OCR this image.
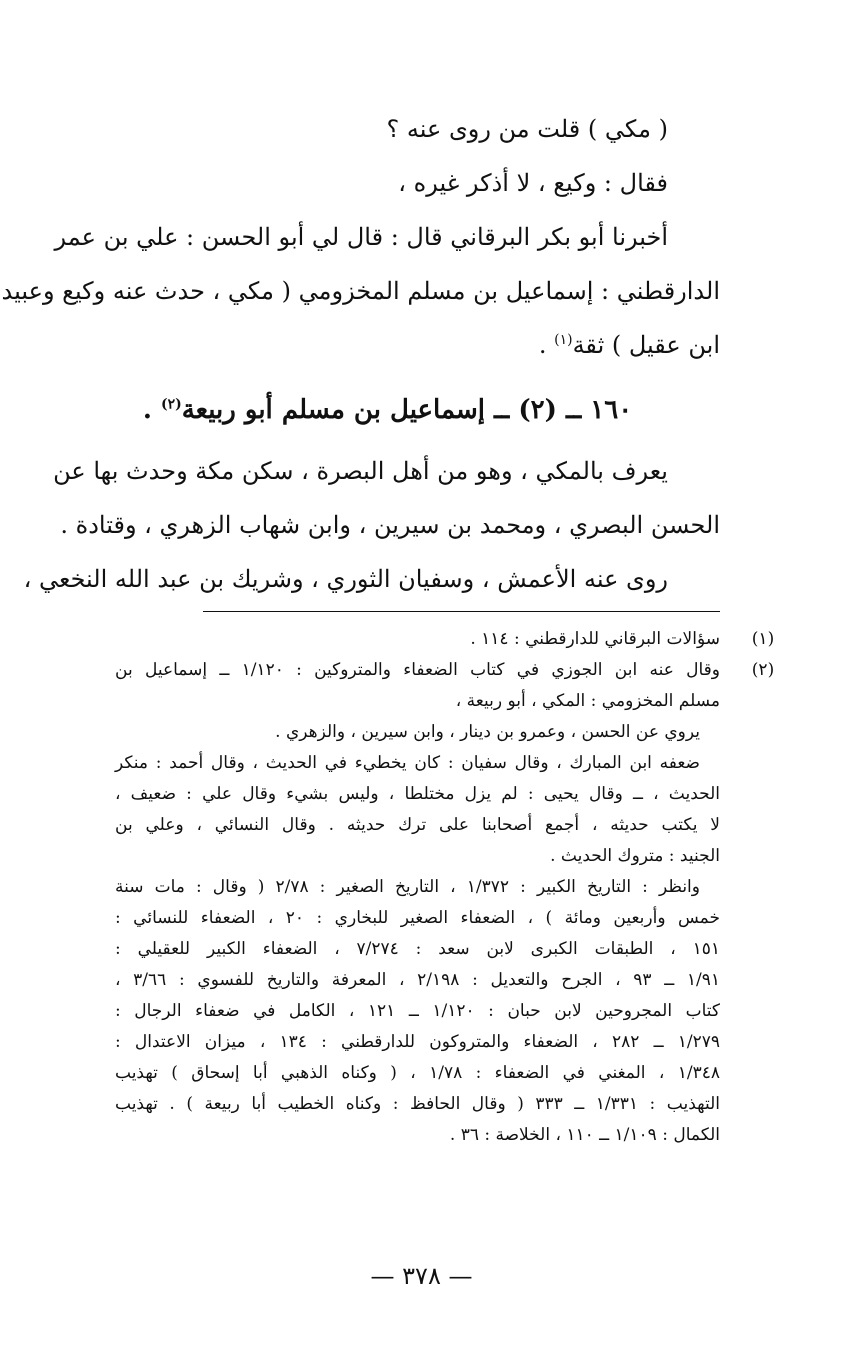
( مكي ) قلت من روى عنه ؟
فقال : وكيع ، لا أذكر غيره ،
أخبرنا أبو بكر البرقاني قال : قال لي أبو الحسن : علي بن عمر
الدارقطني : إسماعيل بن مسلم المخزومي ( مكي ، حدث عنه وكيع وعبيد
ابن عقيل ) ثقة$^{(١)}$ .
١٦٠ ــ (٢) ــ إسماعيل بن مسلم أبو ربيعة$^{(٢)}$ .
يعرف بالمكي ، وهو من أهل البصرة ، سكن مكة وحدث بها عن
الحسن البصري ، ومحمد بن سيرين ، وابن شهاب الزهري ، وقتادة .
روى عنه الأعمش ، وسفيان الثوري ، وشريك بن عبد الله النخعي ،
(١)
سؤالات البرقاني للدارقطني : ١١٤ .
(٢)
وقال عنه ابن الجوزي في كتاب الضعفاء والمتروكين : ١/١٢٠ ــ إسماعيل بن
مسلم المخزومي : المكي ، أبو ربيعة ،
يروي عن الحسن ، وعمرو بن دينار ، وابن سيرين ، والزهري .
ضعفه ابن المبارك ، وقال سفيان : كان يخطيء في الحديث ، وقال أحمد : منكر
الحديث ، ــ وقال يحيى : لم يزل مختلطا ، وليس بشيء وقال علي : ضعيف ،
لا يكتب حديثه ، أجمع أصحابنا على ترك حديثه . وقال النسائي ، وعلي بن
الجنيد : متروك الحديث .
وانظر : التاريخ الكبير : ١/٣٧٢ ، التاريخ الصغير : ٢/٧٨ ( وقال : مات سنة
خمس وأربعين ومائة ) ، الضعفاء الصغير للبخاري : ٢٠ ، الضعفاء للنسائي :
١٥١ ، الطبقات الكبرى لابن سعد : ٧/٢٧٤ ، الضعفاء الكبير للعقيلي :
١/٩١ ــ ٩٣ ، الجرح والتعديل : ٢/١٩٨ ، المعرفة والتاريخ للفسوي : ٣/٦٦ ،
كتاب المجروحين لابن حبان : ١/١٢٠ ــ ١٢١ ، الكامل في ضعفاء الرجال :
١/٢٧٩ ــ ٢٨٢ ، الضعفاء والمتروكون للدارقطني : ١٣٤ ، ميزان الاعتدال :
١/٣٤٨ ، المغني في الضعفاء : ١/٧٨ ، ( وكناه الذهبي أبا إسحاق ) تهذيب
التهذيب : ١/٣٣١ ــ ٣٣٣ ( وقال الحافظ : وكناه الخطيب أبا ربيعة ) . تهذيب
الكمال : ١/١٠٩ ــ ١١٠ ، الخلاصة : ٣٦ .
— ٣٧٨ —
